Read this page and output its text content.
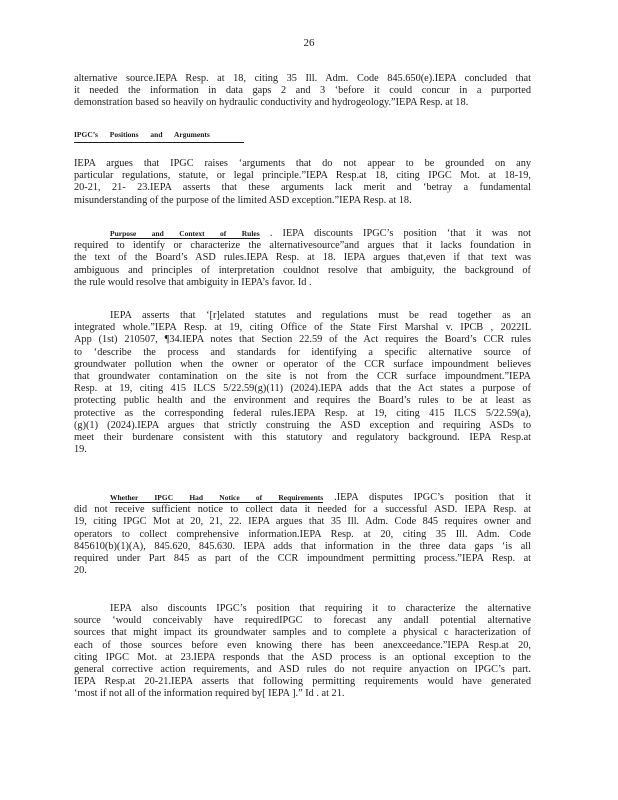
26
alternative source.IEPA Resp. at 18, citing 35 Ill. Adm. Code 845.650(e).IEPA concluded that
it needed the information in data gaps 2 and 3 ‘before it could concur in a purported
demonstration based so heavily on hydraulic conductivity and hydrogeology.”IEPA Resp. at 18.
IPGC’s Positions and Arguments
IEPA argues that IPGC raises ‘arguments that do not appear to be grounded on any
particular regulations, statute, or legal principle.”IEPA Resp.at 18, citing IPGC Mot. at 18-19,
20-21, 21- 23.IEPA asserts that these arguments lack merit and ‘betray a fundamental
misunderstanding of the purpose of the limited ASD exception.”IEPA Resp. at 18.
Purpose and Context of Rules . IEPA discounts IPGC’s position ‘that it was not
required to identify or characterize the alternativesource”and argues that it lacks foundation in
the text of the Board’s ASD rules.IEPA Resp. at 18. IEPA argues that,even if that text was
ambiguous and principles of interpretation couldnot resolve that ambiguity, the background of
the rule would resolve that ambiguity in IEPA’s favor. Id .
IEPA asserts that ‘[r]elated statutes and regulations must be read together as an
integrated whole.”IEPA Resp. at 19, citing Office of the State First Marshal v. IPCB , 2022IL
App (1st) 210507, ¶34.IEPA notes that Section 22.59 of the Act requires the Board’s CCR rules
to ‘describe the process and standards for identifying a specific alternative source of
groundwater pollution when the owner or operator of the CCR surface impoundment believes
that groundwater contamination on the site is not from the CCR surface impoundment.”IEPA
Resp. at 19, citing 415 ILCS 5/22.59(g)(11) (2024).IEPA adds that the Act states a purpose of
protecting public health and the environment and requires the Board’s rules to be at least as
protective as the corresponding federal rules.IEPA Resp. at 19, citing 415 ILCS 5/22.59(a),
(g)(1) (2024).IEPA argues that strictly construing the ASD exception and requiring ASDs to
meet their burdenare consistent with this statutory and regulatory background. IEPA Resp.at
19.
Whether IPGC Had Notice of Requirements .IEPA disputes IPGC’s position that it
did not receive sufficient notice to collect data it needed for a successful ASD. IEPA Resp. at
19, citing IPGC Mot at 20, 21, 22. IEPA argues that 35 Ill. Adm. Code 845 requires owner and
operators to collect comprehensive information.IEPA Resp. at 20, citing 35 Ill. Adm. Code
845610(b)(1)(A), 845.620, 845.630. IEPA adds that information in the three data gaps ‘is all
required under Part 845 as part of the CCR impoundment permitting process.”IEPA Resp. at
20.
IEPA also discounts IPGC’s position that requiring it to characterize the alternative
source ‘would conceivably have requiredIPGC to forecast any andall potential alternative
sources that might impact its groundwater samples and to complete a physical c haracterization of
each of those sources before even knowing there has been anexceedance.”IEPA Resp.at 20,
citing IPGC Mot. at 23.IEPA responds that the ASD process is an optional exception to the
general corrective action requirements, and ASD rules do not require anyaction on IPGC’s part.
IEPA Resp.at 20-21.IEPA asserts that following permitting requirements would have generated
‘most if not all of the information required by[ IEPA ].” Id . at 21.
